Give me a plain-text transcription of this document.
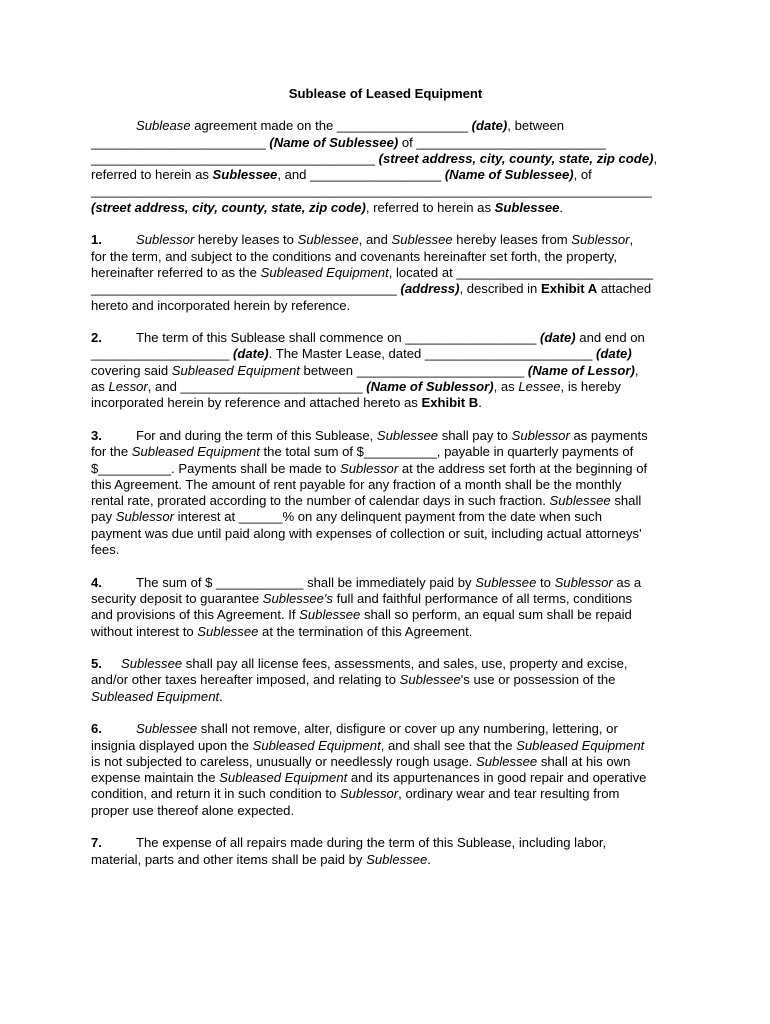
Sublease of Leased Equipment
Sublease agreement made on the __________________ (date), between
________________________ (Name of Sublessee) of __________________________
_______________________________________ (street address, city, county, state, zip code),
referred to herein as Sublessee, and __________________ (Name of Sublessee), of
_____________________________________________________________________________
(street address, city, county, state, zip code), referred to herein as Sublessee.
1.	Sublessor hereby leases to Sublessee, and Sublessee hereby leases from Sublessor,
for the term, and subject to the conditions and covenants hereinafter set forth, the property,
hereinafter referred to as the Subleased Equipment, located at ___________________________
__________________________________________ (address), described in Exhibit A attached
hereto and incorporated herein by reference.
2.	The term of this Sublease shall commence on __________________ (date) and end on
___________________ (date). The Master Lease, dated _______________________ (date)
covering said Subleased Equipment between _______________________ (Name of Lessor),
as Lessor, and _________________________ (Name of Sublessor), as Lessee, is hereby
incorporated herein by reference and attached hereto as Exhibit B.
3.	For and during the term of this Sublease, Sublessee shall pay to Sublessor as payments
for the Subleased Equipment the total sum of $__________, payable in quarterly payments of
$__________. Payments shall be made to Sublessor at the address set forth at the beginning of
this Agreement. The amount of rent payable for any fraction of a month shall be the monthly
rental rate, prorated according to the number of calendar days in such fraction. Sublessee shall
pay Sublessor interest at ______% on any delinquent payment from the date when such
payment was due until paid along with expenses of collection or suit, including actual attorneys'
fees.
4.	The sum of $ ____________ shall be immediately paid by Sublessee to Sublessor as a
security deposit to guarantee Sublessee's full and faithful performance of all terms, conditions
and provisions of this Agreement. If Sublessee shall so perform, an equal sum shall be repaid
without interest to Sublessee at the termination of this Agreement.
5. Sublessee shall pay all license fees, assessments, and sales, use, property and excise,
and/or other taxes hereafter imposed, and relating to Sublessee's use or possession of the
Subleased Equipment.
6.	Sublessee shall not remove, alter, disfigure or cover up any numbering, lettering, or
insignia displayed upon the Subleased Equipment, and shall see that the Subleased Equipment
is not subjected to careless, unusually or needlessly rough usage. Sublessee shall at his own
expense maintain the Subleased Equipment and its appurtenances in good repair and operative
condition, and return it in such condition to Sublessor, ordinary wear and tear resulting from
proper use thereof alone expected.
7.	The expense of all repairs made during the term of this Sublease, including labor,
material, parts and other items shall be paid by Sublessee.
